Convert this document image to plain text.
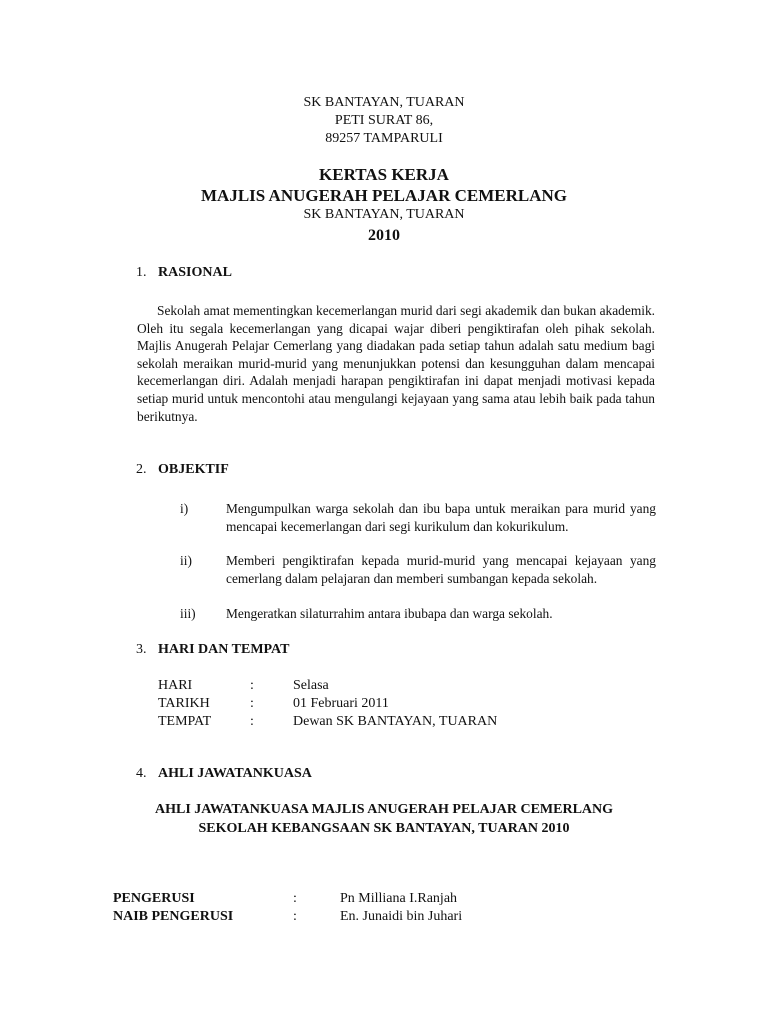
SK BANTAYAN, TUARAN
PETI SURAT 86,
89257 TAMPARULI
KERTAS KERJA
MAJLIS ANUGERAH PELAJAR CEMERLANG
SK BANTAYAN, TUARAN
2010
1. RASIONAL
Sekolah amat mementingkan kecemerlangan murid dari segi akademik dan bukan akademik. Oleh itu segala kecemerlangan yang dicapai wajar diberi pengiktirafan oleh pihak sekolah. Majlis Anugerah Pelajar Cemerlang yang diadakan pada setiap tahun adalah satu medium bagi sekolah meraikan murid-murid yang menunjukkan potensi dan kesungguhan dalam mencapai kecemerlangan diri. Adalah menjadi harapan pengiktirafan ini dapat menjadi motivasi kepada setiap murid untuk mencontohi atau mengulangi kejayaan yang sama atau lebih baik pada tahun berikutnya.
2. OBJEKTIF
i)	Mengumpulkan warga sekolah dan ibu bapa untuk meraikan para murid yang mencapai kecemerlangan dari segi kurikulum dan kokurikulum.
ii)	Memberi pengiktirafan kepada murid-murid yang mencapai kejayaan yang cemerlang dalam pelajaran dan memberi sumbangan kepada sekolah.
iii) Mengeratkan silaturrahim antara ibubapa dan warga sekolah.
3. HARI DAN TEMPAT
HARI	:	Selasa
TARIKH	:	01 Februari 2011
TEMPAT	:	Dewan SK BANTAYAN, TUARAN
4. AHLI JAWATANKUASA
AHLI JAWATANKUASA MAJLIS ANUGERAH PELAJAR CEMERLANG
SEKOLAH KEBANGSAAN SK BANTAYAN, TUARAN 2010
PENGERUSI	:	Pn Milliana I.Ranjah
NAIB PENGERUSI	:	En. Junaidi bin Juhari
